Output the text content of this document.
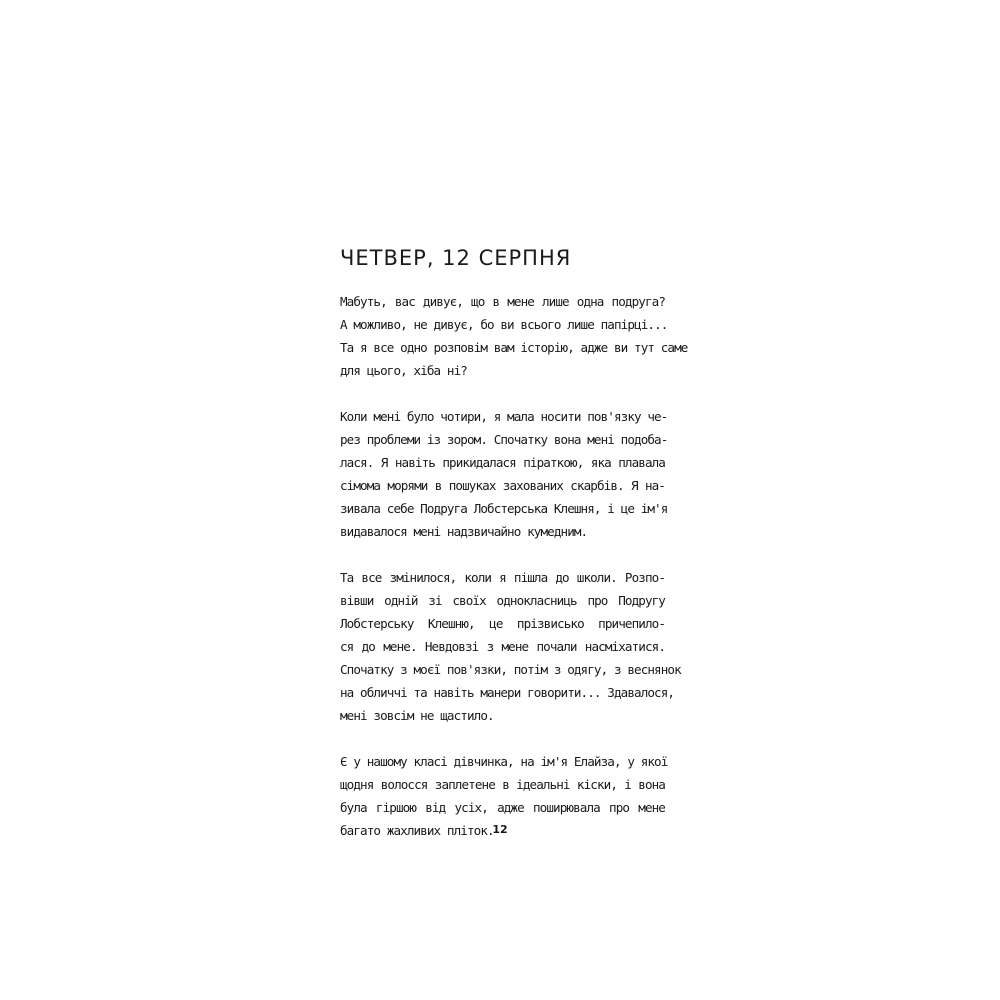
ЧЕТВЕР, 12 СЕРПНЯ

Мабуть, вас дивує, що в мене лише одна подруга?
А можливо, не дивує, бо ви всього лише папірці...
Та я все одно розповім вам історію, адже ви тут саме
для цього, хіба ні?

Коли мені було чотири, я мала носити пов'язку че-
рез проблеми із зором. Спочатку вона мені подоба-
лася. Я навіть прикидалася піраткою, яка плавала
сімома морями в пошуках захованих скарбів. Я на-
зивала себе Подруга Лобстерська Клешня, і це ім'я
видавалося мені надзвичайно кумедним.

Та все змінилося, коли я пішла до школи. Розпо-
вівши одній зі своїх однокласниць про Подругу
Лобстерську Клешню, це прізвисько причепило-
ся до мене. Невдовзі з мене почали насміхатися.
Спочатку з моєї пов'язки, потім з одягу, з веснянок
на обличчі та навіть манери говорити... Здавалося,
мені зовсім не щастило.

Є у нашому класі дівчинка, на ім'я Елайза, у якої
щодня волосся заплетене в ідеальні кіски, і вона
була гіршою від усіх, адже поширювала про мене
багато жахливих пліток.

12
